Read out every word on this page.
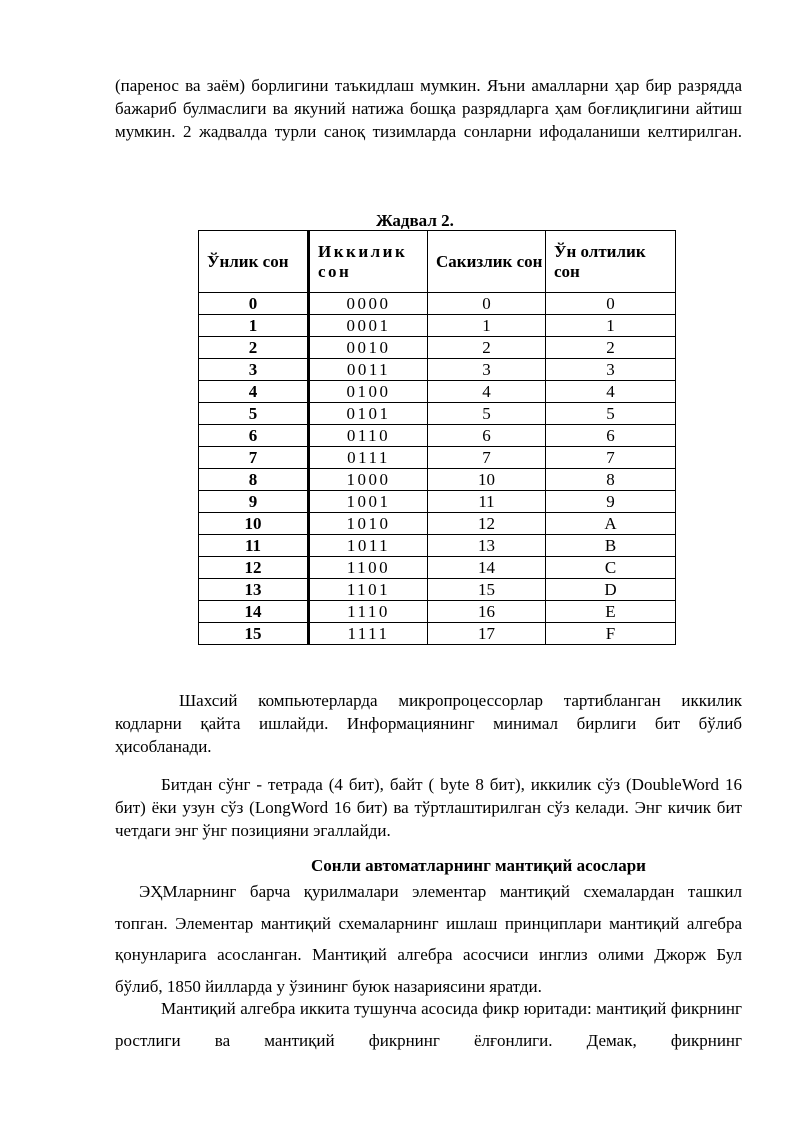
(паренос ва заём) борлигини таъкидлаш мумкин. Яъни амалларни ҳар бир разрядда бажариб булмаслиги ва якуний натижа бошқа разрядларга ҳам боғлиқлигини айтиш мумкин. 2 жадвалда турли саноқ тизимларда сонларни ифодаланиши келтирилган.

Жадвал 2.
Ўнлик сон	Иккилик сон	Сакизлик сон	Ўн олтилик сон
0	0000	0	0
1	0001	1	1
2	0010	2	2
3	0011	3	3
4	0100	4	4
5	0101	5	5
6	0110	6	6
7	0111	7	7
8	1000	10	8
9	1001	11	9
10	1010	12	A
11	1011	13	B
12	1100	14	C
13	1101	15	D
14	1110	16	E
15	1111	17	F

Шахсий компьютерларда микропроцессорлар тартибланган иккилик кодларни қайта ишлайди. Информациянинг минимал бирлиги бит бўлиб ҳисобланади.

Битдан сўнг - тетрада (4 бит), байт ( byte 8 бит), иккилик сўз (DoubleWord 16 бит) ёки узун сўз (LongWord 16 бит) ва тўртлаштирилган сўз келади. Энг кичик бит четдаги энг ўнг позицияни эгаллайди.

Сонли автоматларнинг мантиқий асослари

ЭҲМларнинг барча қурилмалари элементар мантиқий схемалардан ташкил топган. Элементар мантиқий схемаларнинг ишлаш принциплари мантиқий алгебра қонунларига асосланган. Мантиқий алгебра асосчиси инглиз олими Джорж Бул бўлиб, 1850 йилларда у ўзининг буюк назариясини яратди.

Мантиқий алгебра иккита тушунча асосида фикр юритади: мантиқий фикрнинг ростлиги ва мантиқий фикрнинг ёлғонлиги. Демак, фикрнинг
